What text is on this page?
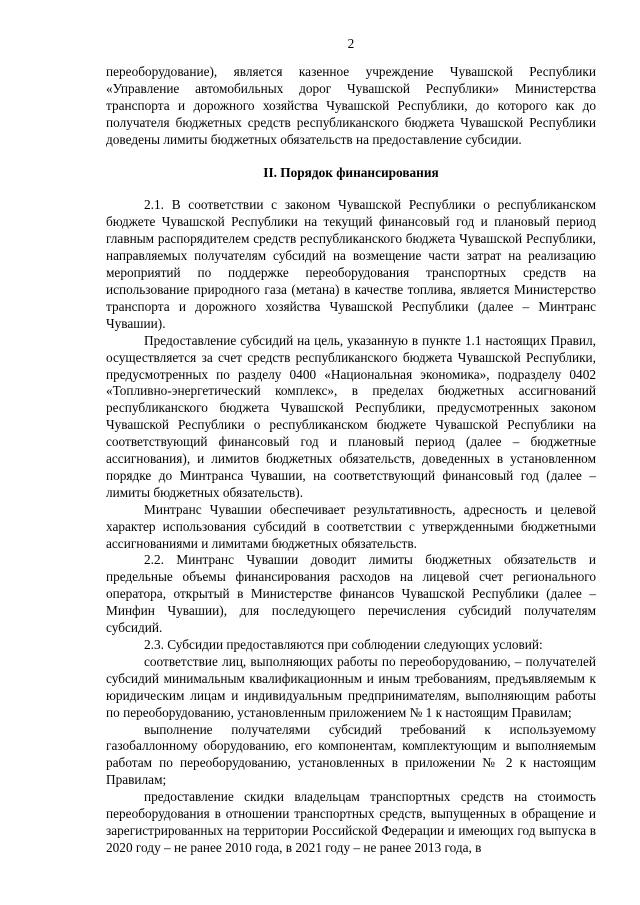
2

переоборудование), является казенное учреждение Чувашской Республики «Управление автомобильных дорог Чувашской Республики» Министерства транспорта и дорожного хозяйства Чувашской Республики, до которого как до получателя бюджетных средств республиканского бюджета Чувашской Республики доведены лимиты бюджетных обязательств на предоставление субсидии.

II. Порядок финансирования

2.1. В соответствии с законом Чувашской Республики о республиканском бюджете Чувашской Республики на текущий финансовый год и плановый период главным распорядителем средств республиканского бюджета Чувашской Республики, направляемых получателям субсидий на возмещение части затрат на реализацию мероприятий по поддержке переоборудования транспортных средств на использование природного газа (метана) в качестве топлива, является Министерство транспорта и дорожного хозяйства Чувашской Республики (далее – Минтранс Чувашии).

Предоставление субсидий на цель, указанную в пункте 1.1 настоящих Правил, осуществляется за счет средств республиканского бюджета Чувашской Республики, предусмотренных по разделу 0400 «Национальная экономика», подразделу 0402 «Топливно-энергетический комплекс», в пределах бюджетных ассигнований республиканского бюджета Чувашской Республики, предусмотренных законом Чувашской Республики о республиканском бюджете Чувашской Республики на соответствующий финансовый год и плановый период (далее – бюджетные ассигнования), и лимитов бюджетных обязательств, доведенных в установленном порядке до Минтранса Чувашии, на соответствующий финансовый год (далее – лимиты бюджетных обязательств).

Минтранс Чувашии обеспечивает результативность, адресность и целевой характер использования субсидий в соответствии с утвержденными бюджетными ассигнованиями и лимитами бюджетных обязательств.

2.2. Минтранс Чувашии доводит лимиты бюджетных обязательств и предельные объемы финансирования расходов на лицевой счет регионального оператора, открытый в Министерстве финансов Чувашской Республики (далее – Минфин Чувашии), для последующего перечисления субсидий получателям субсидий.

2.3. Субсидии предоставляются при соблюдении следующих условий:

соответствие лиц, выполняющих работы по переоборудованию, – получателей субсидий минимальным квалификационным и иным требованиям, предъявляемым к юридическим лицам и индивидуальным предпринимателям, выполняющим работы по переоборудованию, установленным приложением № 1 к настоящим Правилам;

выполнение получателями субсидий требований к используемому газобаллонному оборудованию, его компонентам, комплектующим и выполняемым работам по переоборудованию, установленных в приложении № 2 к настоящим Правилам;

предоставление скидки владельцам транспортных средств на стоимость переоборудования в отношении транспортных средств, выпущенных в обращение и зарегистрированных на территории Российской Федерации и имеющих год выпуска в 2020 году – не ранее 2010 года, в 2021 году – не ранее 2013 года, в
